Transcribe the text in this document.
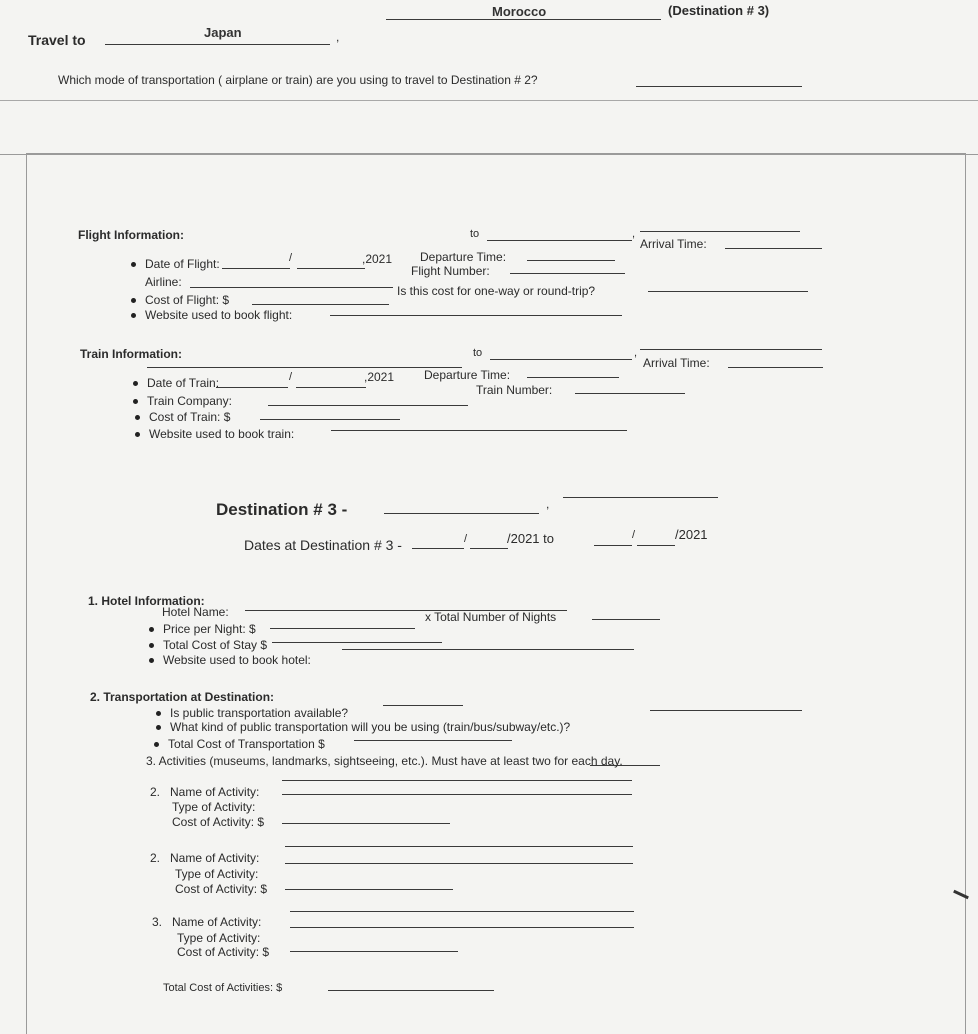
Travel to	Japan	,
Morocco	(Destination # 3)
Which mode of transportation ( airplane or train) are you using to travel to Destination # 2?
Flight Information:	to	,
Arrival Time:
Date of Flight:	/	,2021 Departure Time:
Airline:
Flight Number:
Cost of Flight: $
Is this cost for one-way or round-trip?
Website used to book flight:
Train Information:	to	,
Arrival Time:
Date of Train:	/	,2021 Departure Time:
Train Company:
Train Number:
Cost of Train: $
Website used to book train:
Destination # 3 -	,
Dates at Destination # 3 -	/	/2021 to	/	/2021
1. Hotel Information:
Hotel Name:
Price per Night: $
x Total Number of Nights
Total Cost of Stay $
Website used to book hotel:
2. Transportation at Destination:
Is public transportation available?
What kind of public transportation will you be using (train/bus/subway/etc.)?
Total Cost of Transportation $
3. Activities (museums, landmarks, sightseeing, etc.). Must have at least two for each day.
2. Name of Activity:
Type of Activity:
Cost of Activity: $
2. Name of Activity:
Type of Activity:
Cost of Activity: $
3. Name of Activity:
Type of Activity:
Cost of Activity: $
Total Cost of Activities: $
